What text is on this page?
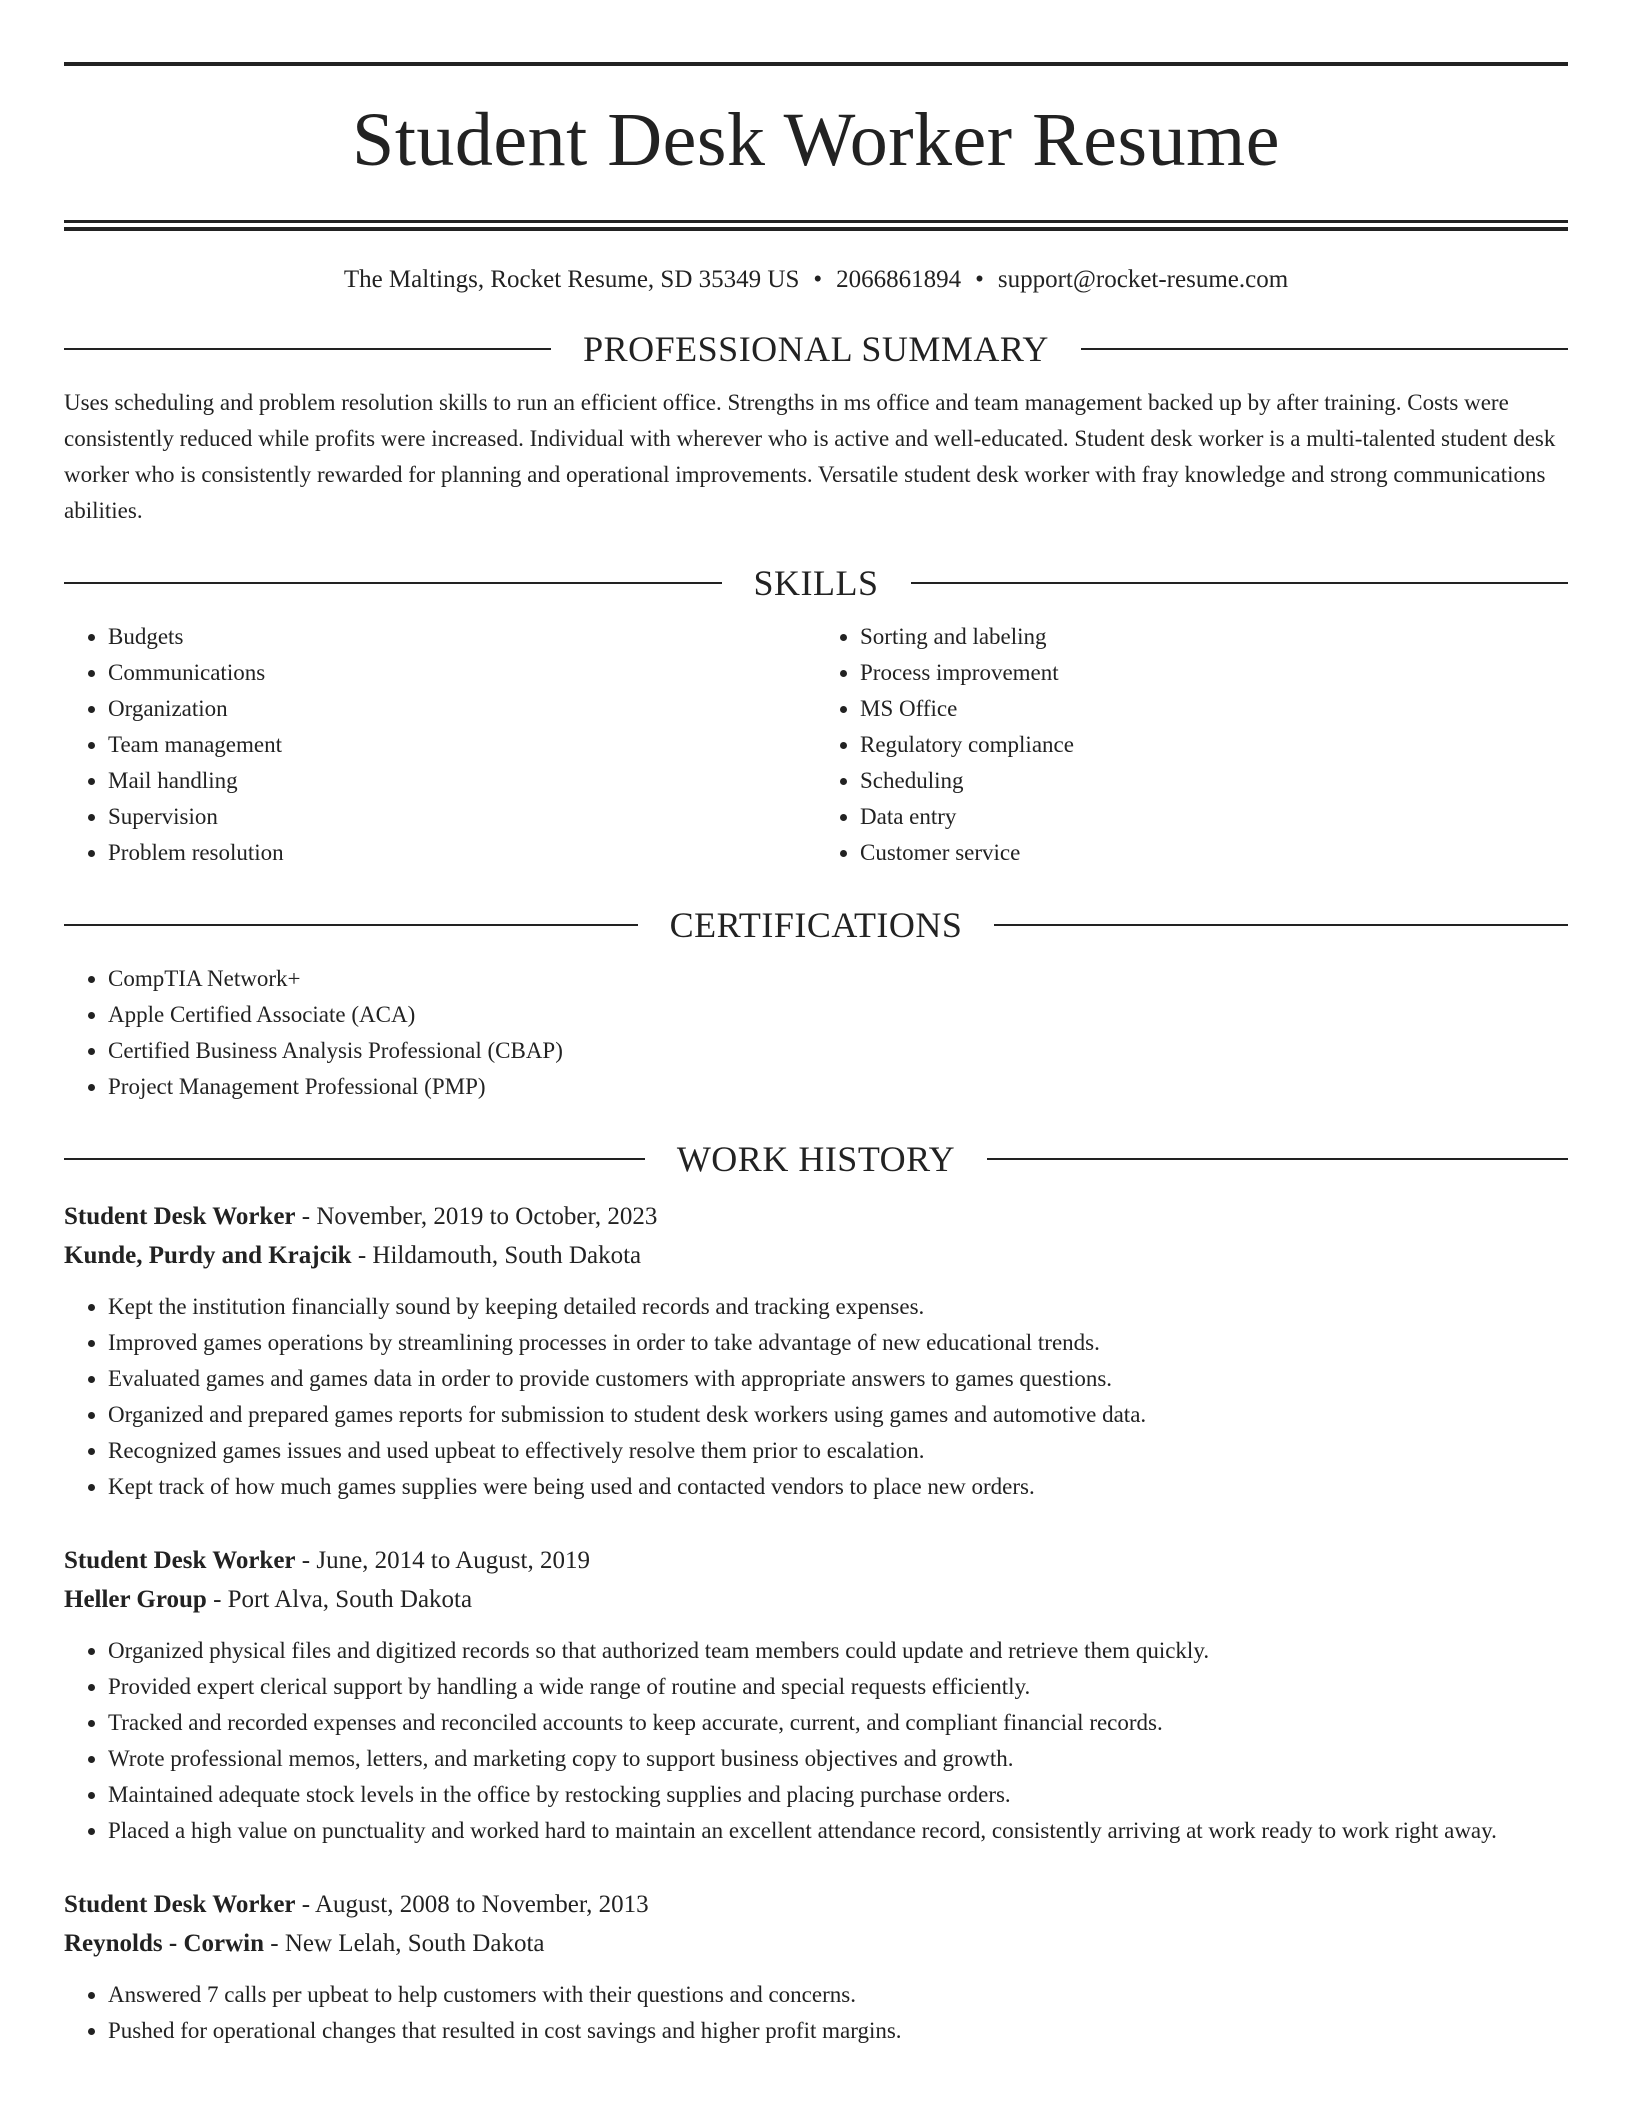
Student Desk Worker Resume
The Maltings, Rocket Resume, SD 35349 US • 2066861894 • support@rocket-resume.com
PROFESSIONAL SUMMARY

Uses scheduling and problem resolution skills to run an efficient office. Strengths in ms office and team management backed up by after training. Costs were consistently reduced while profits were increased. Individual with wherever who is active and well-educated. Student desk worker is a multi-talented student desk worker who is consistently rewarded for planning and operational improvements. Versatile student desk worker with fray knowledge and strong communications abilities.

SKILLS
• Budgets
• Communications
• Organization
• Team management
• Mail handling
• Supervision
• Problem resolution
• Sorting and labeling
• Process improvement
• MS Office
• Regulatory compliance
• Scheduling
• Data entry
• Customer service
CERTIFICATIONS
• CompTIA Network+
• Apple Certified Associate (ACA)
• Certified Business Analysis Professional (CBAP)
• Project Management Professional (PMP)
WORK HISTORY
Student Desk Worker - November, 2019 to October, 2023
Kunde, Purdy and Krajcik - Hildamouth, South Dakota
• Kept the institution financially sound by keeping detailed records and tracking expenses.
• Improved games operations by streamlining processes in order to take advantage of new educational trends.
• Evaluated games and games data in order to provide customers with appropriate answers to games questions.
• Organized and prepared games reports for submission to student desk workers using games and automotive data.
• Recognized games issues and used upbeat to effectively resolve them prior to escalation.
• Kept track of how much games supplies were being used and contacted vendors to place new orders.
Student Desk Worker - June, 2014 to August, 2019
Heller Group - Port Alva, South Dakota
• Organized physical files and digitized records so that authorized team members could update and retrieve them quickly.
• Provided expert clerical support by handling a wide range of routine and special requests efficiently.
• Tracked and recorded expenses and reconciled accounts to keep accurate, current, and compliant financial records.
• Wrote professional memos, letters, and marketing copy to support business objectives and growth.
• Maintained adequate stock levels in the office by restocking supplies and placing purchase orders.
• Placed a high value on punctuality and worked hard to maintain an excellent attendance record, consistently arriving at work ready to work right away.
Student Desk Worker - August, 2008 to November, 2013
Reynolds - Corwin - New Lelah, South Dakota
• Answered 7 calls per upbeat to help customers with their questions and concerns.
• Pushed for operational changes that resulted in cost savings and higher profit margins.
